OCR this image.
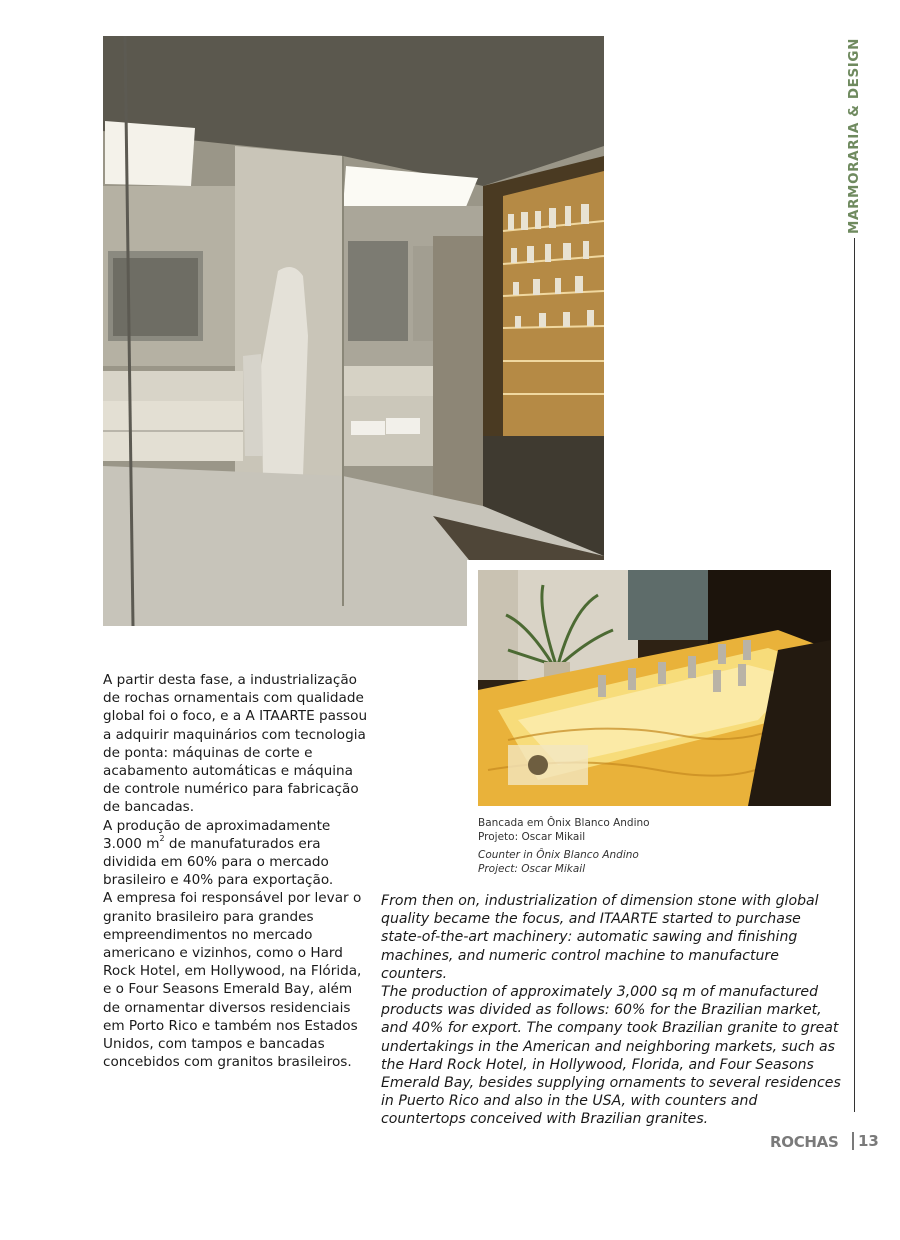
MARMORARIA & DESIGN
Bancada em Ônix Blanco Andino
Projeto: Oscar Mikail
Counter in Ônix Blanco Andino
Project: Oscar Mikail

A partir desta fase, a industrialização de rochas ornamentais com qualidade global foi o foco, e a A ITAARTE passou a adquirir maquinários com tecnologia de ponta: máquinas de corte e acabamento automáticas e máquina de controle numérico para fabricação de bancadas.

A produção de aproximadamente 3.000 $m^2$ de manufaturados era dividida em 60% para o mercado brasileiro e 40% para exportação.

A empresa foi responsável por levar o granito brasileiro para grandes empreendimentos no mercado americano e vizinhos, como o Hard Rock Hotel, em Hollywood, na Flórida, e o Four Seasons Emerald Bay, além de ornamentar diversos residenciais em Porto Rico e também nos Estados Unidos, com tampos e bancadas concebidos com granitos brasileiros.

From then on, industrialization of dimension stone with global quality became the focus, and ITAARTE started to purchase state-of-the-art machinery: automatic sawing and finishing machines, and numeric control machine to manufacture counters.

The production of approximately 3,000 sq m of manufactured products was divided as follows: 60% for the Brazilian market, and 40% for export. The company took Brazilian granite to great undertakings in the American and neighboring markets, such as the Hard Rock Hotel, in Hollywood, Florida, and Four Seasons Emerald Bay, besides supplying ornaments to several residences in Puerto Rico and also in the USA, with counters and countertops conceived with Brazilian granites.

ROCHAS 13
